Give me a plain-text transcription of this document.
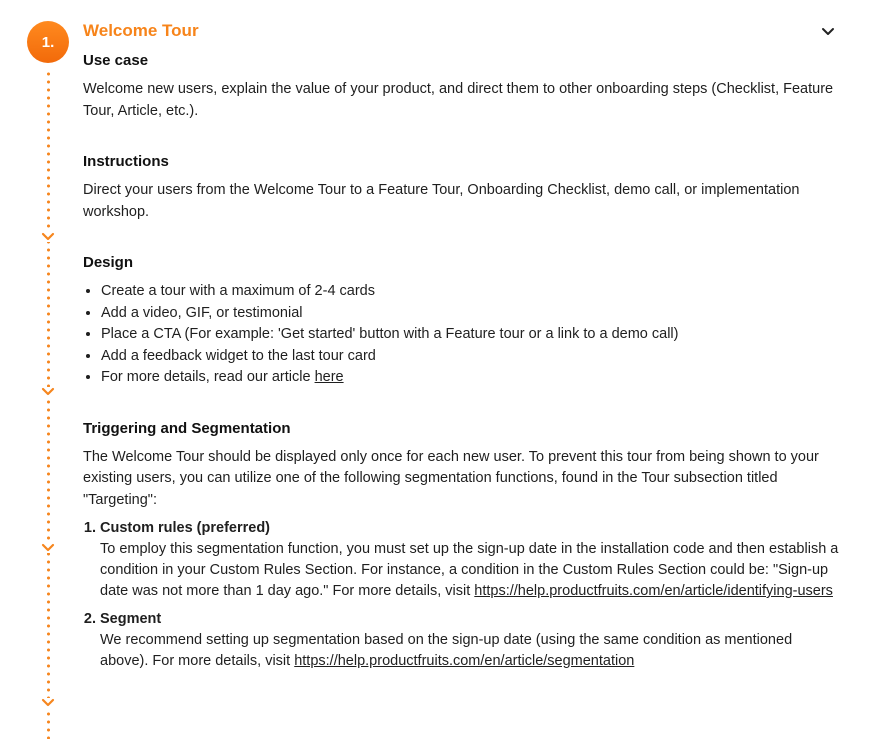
1.
Welcome Tour
Use case

Welcome new users, explain the value of your product, and direct them to other onboarding steps (Checklist, Feature Tour, Article, etc.).

Instructions

Direct your users from the Welcome Tour to a Feature Tour, Onboarding Checklist, demo call, or implementation workshop.

Design
• Create a tour with a maximum of 2-4 cards
• Add a video, GIF, or testimonial
• Place a CTA (For example: 'Get started' button with a Feature tour or a link to a demo call)
• Add a feedback widget to the last tour card
• For more details, read our article here
Triggering and Segmentation

The Welcome Tour should be displayed only once for each new user. To prevent this tour from being shown to your existing users, you can utilize one of the following segmentation functions, found in the Tour subsection titled "Targeting":

1. Custom rules (preferred)
To employ this segmentation function, you must set up the sign-up date in the installation code and then establish a condition in your Custom Rules Section. For instance, a condition in the Custom Rules Section could be: "Sign-up date was not more than 1 day ago." For more details, visit https://help.productfruits.com/en/article/identifying-users
2. Segment
We recommend setting up segmentation based on the sign-up date (using the same condition as mentioned above). For more details, visit https://help.productfruits.com/en/article/segmentation
